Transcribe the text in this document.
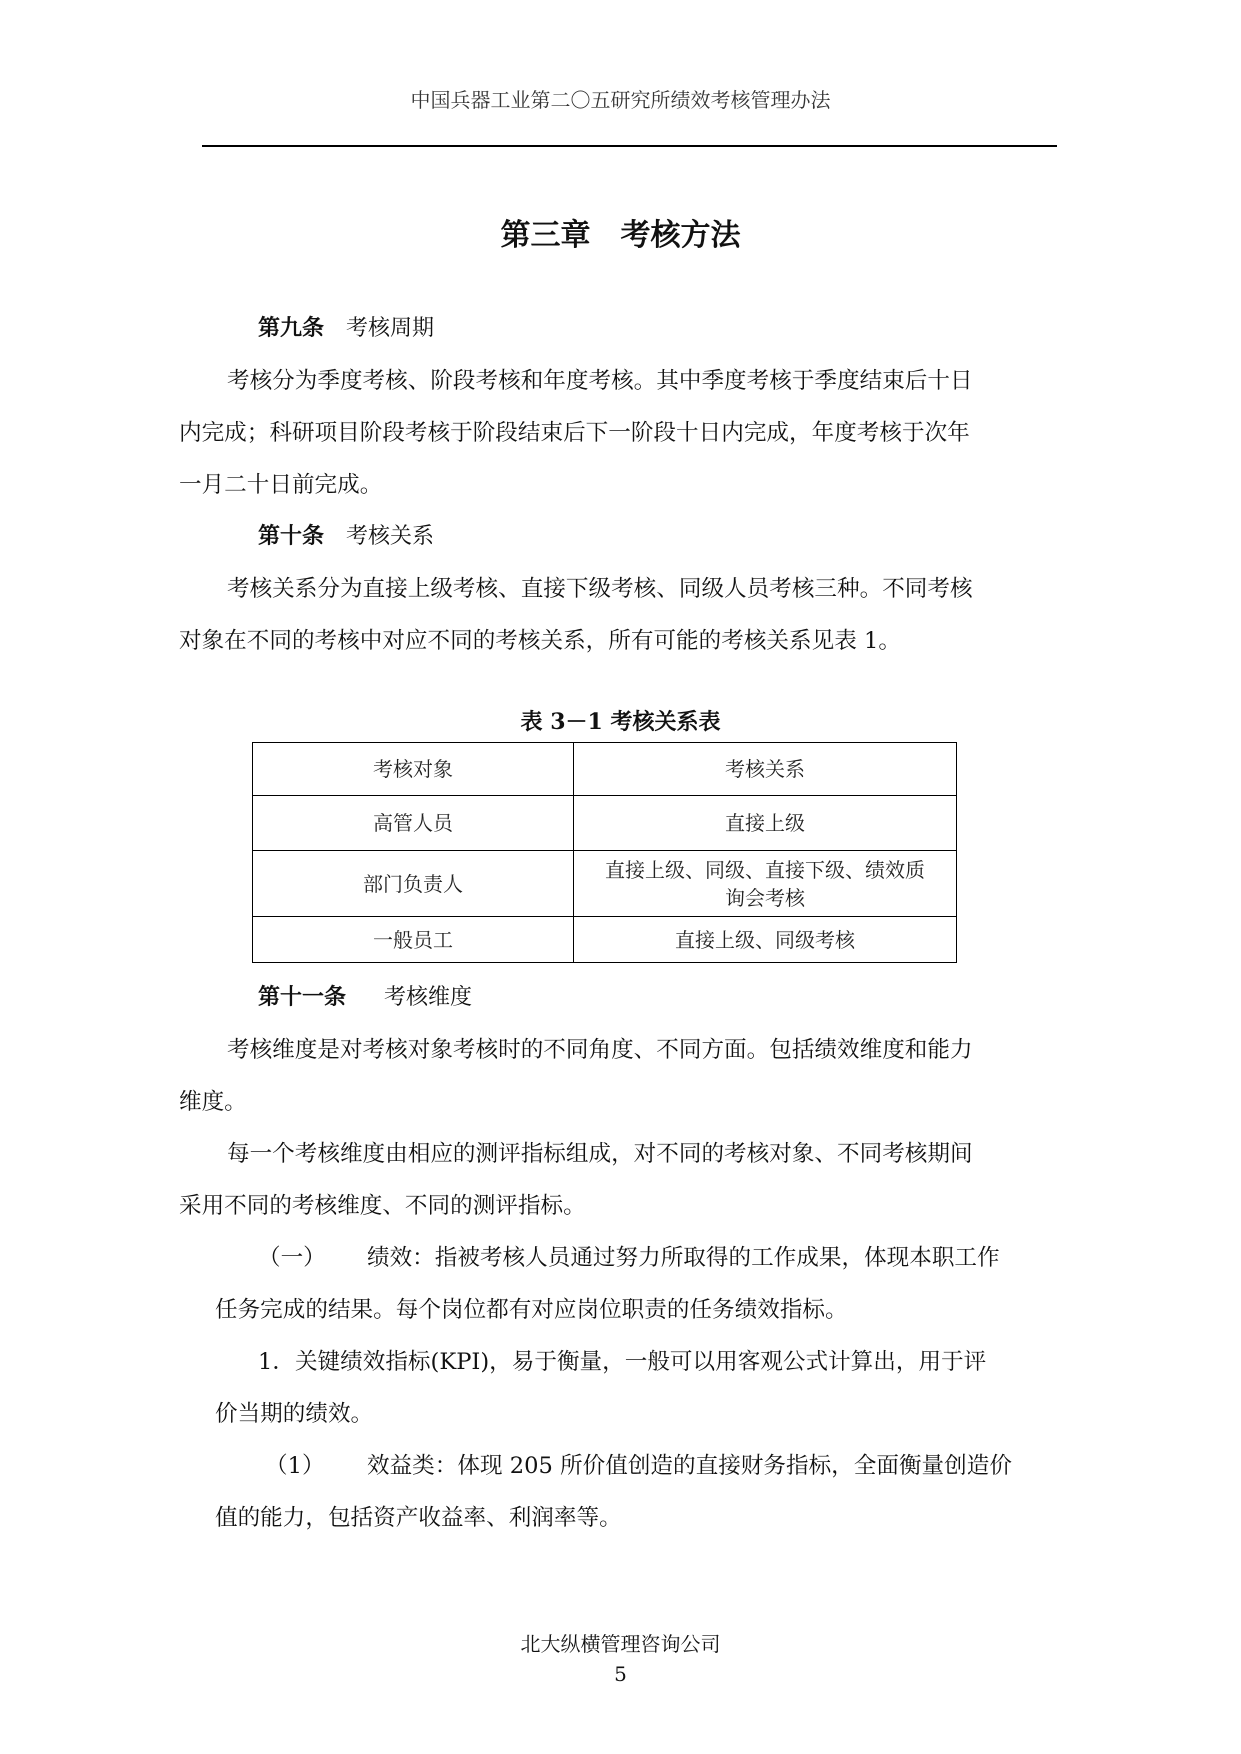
中国兵器工业第二〇五研究所绩效考核管理办法
第三章　考核方法
第九条 考核周期
考核分为季度考核、阶段考核和年度考核。其中季度考核于季度结束后十日
内完成；科研项目阶段考核于阶段结束后下一阶段十日内完成，年度考核于次年
一月二十日前完成。
第十条 考核关系
考核关系分为直接上级考核、直接下级考核、同级人员考核三种。不同考核
对象在不同的考核中对应不同的考核关系，所有可能的考核关系见表 1。
表 3－1 考核关系表
考核对象	考核关系
高管人员	直接上级
部门负责人	直接上级、同级、直接下级、绩效质
询会考核

一般员工	直接上级、同级考核
第十一条 考核维度
考核维度是对考核对象考核时的不同角度、不同方面。包括绩效维度和能力
维度。
每一个考核维度由相应的测评指标组成，对不同的考核对象、不同考核期间
采用不同的考核维度、不同的测评指标。
（一） 绩效：指被考核人员通过努力所取得的工作成果，体现本职工作
任务完成的结果。每个岗位都有对应岗位职责的任务绩效指标。
1．关键绩效指标(KPI)，易于衡量，一般可以用客观公式计算出，用于评
价当期的绩效。
（1） 效益类：体现 205 所价值创造的直接财务指标，全面衡量创造价
值的能力，包括资产收益率、利润率等。
北大纵横管理咨询公司
5
